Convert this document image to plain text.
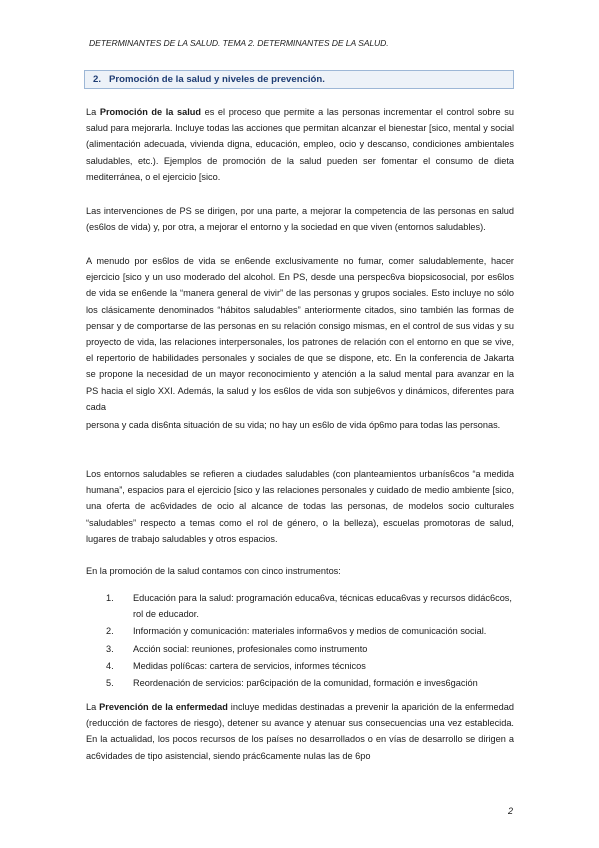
DETERMINANTES DE LA SALUD. TEMA 2. DETERMINANTES DE LA SALUD.
2. Promoción de la salud y niveles de prevención.
La Promoción de la salud es el proceso que permite a las personas incrementar el control sobre su salud para mejorarla. Incluye todas las acciones que permitan alcanzar el bienestar [sico, mental y social (alimentación adecuada, vivienda digna, educación, empleo, ocio y descanso, condiciones ambientales saludables, etc.). Ejemplos de promoción de la salud pueden ser fomentar el consumo de dieta mediterránea, o el ejercicio [sico.
Las intervenciones de PS se dirigen, por una parte, a mejorar la competencia de las personas en salud (es6los de vida) y, por otra, a mejorar el entorno y la sociedad en que viven (entornos saludables).
A menudo por es6los de vida se en6ende exclusivamente no fumar, comer saludablemente, hacer ejercicio [sico y un uso moderado del alcohol. En PS, desde una perspec6va biopsicosocial, por es6los de vida se en6ende la “manera general de vivir” de las personas y grupos sociales. Esto incluye no sólo los clásicamente denominados “hábitos saludables” anteriormente citados, sino también las formas de pensar y de comportarse de las personas en su relación consigo mismas, en el control de sus vidas y su proyecto de vida, las relaciones interpersonales, los patrones de relación con el entorno en que se vive, el repertorio de habilidades personales y sociales de que se dispone, etc. En la conferencia de Jakarta se propone la necesidad de un mayor reconocimiento y atención a la salud mental para avanzar en la PS hacia el siglo XXI. Además, la salud y los es6los de vida son subje6vos y dinámicos, diferentes para cada
persona y cada dis6nta situación de su vida; no hay un es6lo de vida óp6mo para todas las personas.
Los entornos saludables se refieren a ciudades saludables (con planteamientos urbanís6cos “a medida humana”, espacios para el ejercicio [sico y las relaciones personales y cuidado de medio ambiente [sico, una oferta de ac6vidades de ocio al alcance de todas las personas, de modelos socio culturales “saludables” respecto a temas como el rol de género, o la belleza), escuelas promotoras de salud, lugares de trabajo saludables y otros espacios.
En la promoción de la salud contamos con cinco instrumentos:
1. Educación para la salud: programación educa6va, técnicas educa6vas y recursos didác6cos, rol de educador.
2. Información y comunicación: materiales informa6vos y medios de comunicación social.
3. Acción social: reuniones, profesionales como instrumento
4. Medidas polí6cas: cartera de servicios, informes técnicos
5. Reordenación de servicios: par6cipación de la comunidad, formación e inves6gación
La Prevención de la enfermedad incluye medidas destinadas a prevenir la aparición de la enfermedad (reducción de factores de riesgo), detener su avance y atenuar sus consecuencias una vez establecida. En la actualidad, los pocos recursos de los países no desarrollados o en vías de desarrollo se dirigen a ac6vidades de tipo asistencial, siendo prác6camente nulas las de 6po
2
